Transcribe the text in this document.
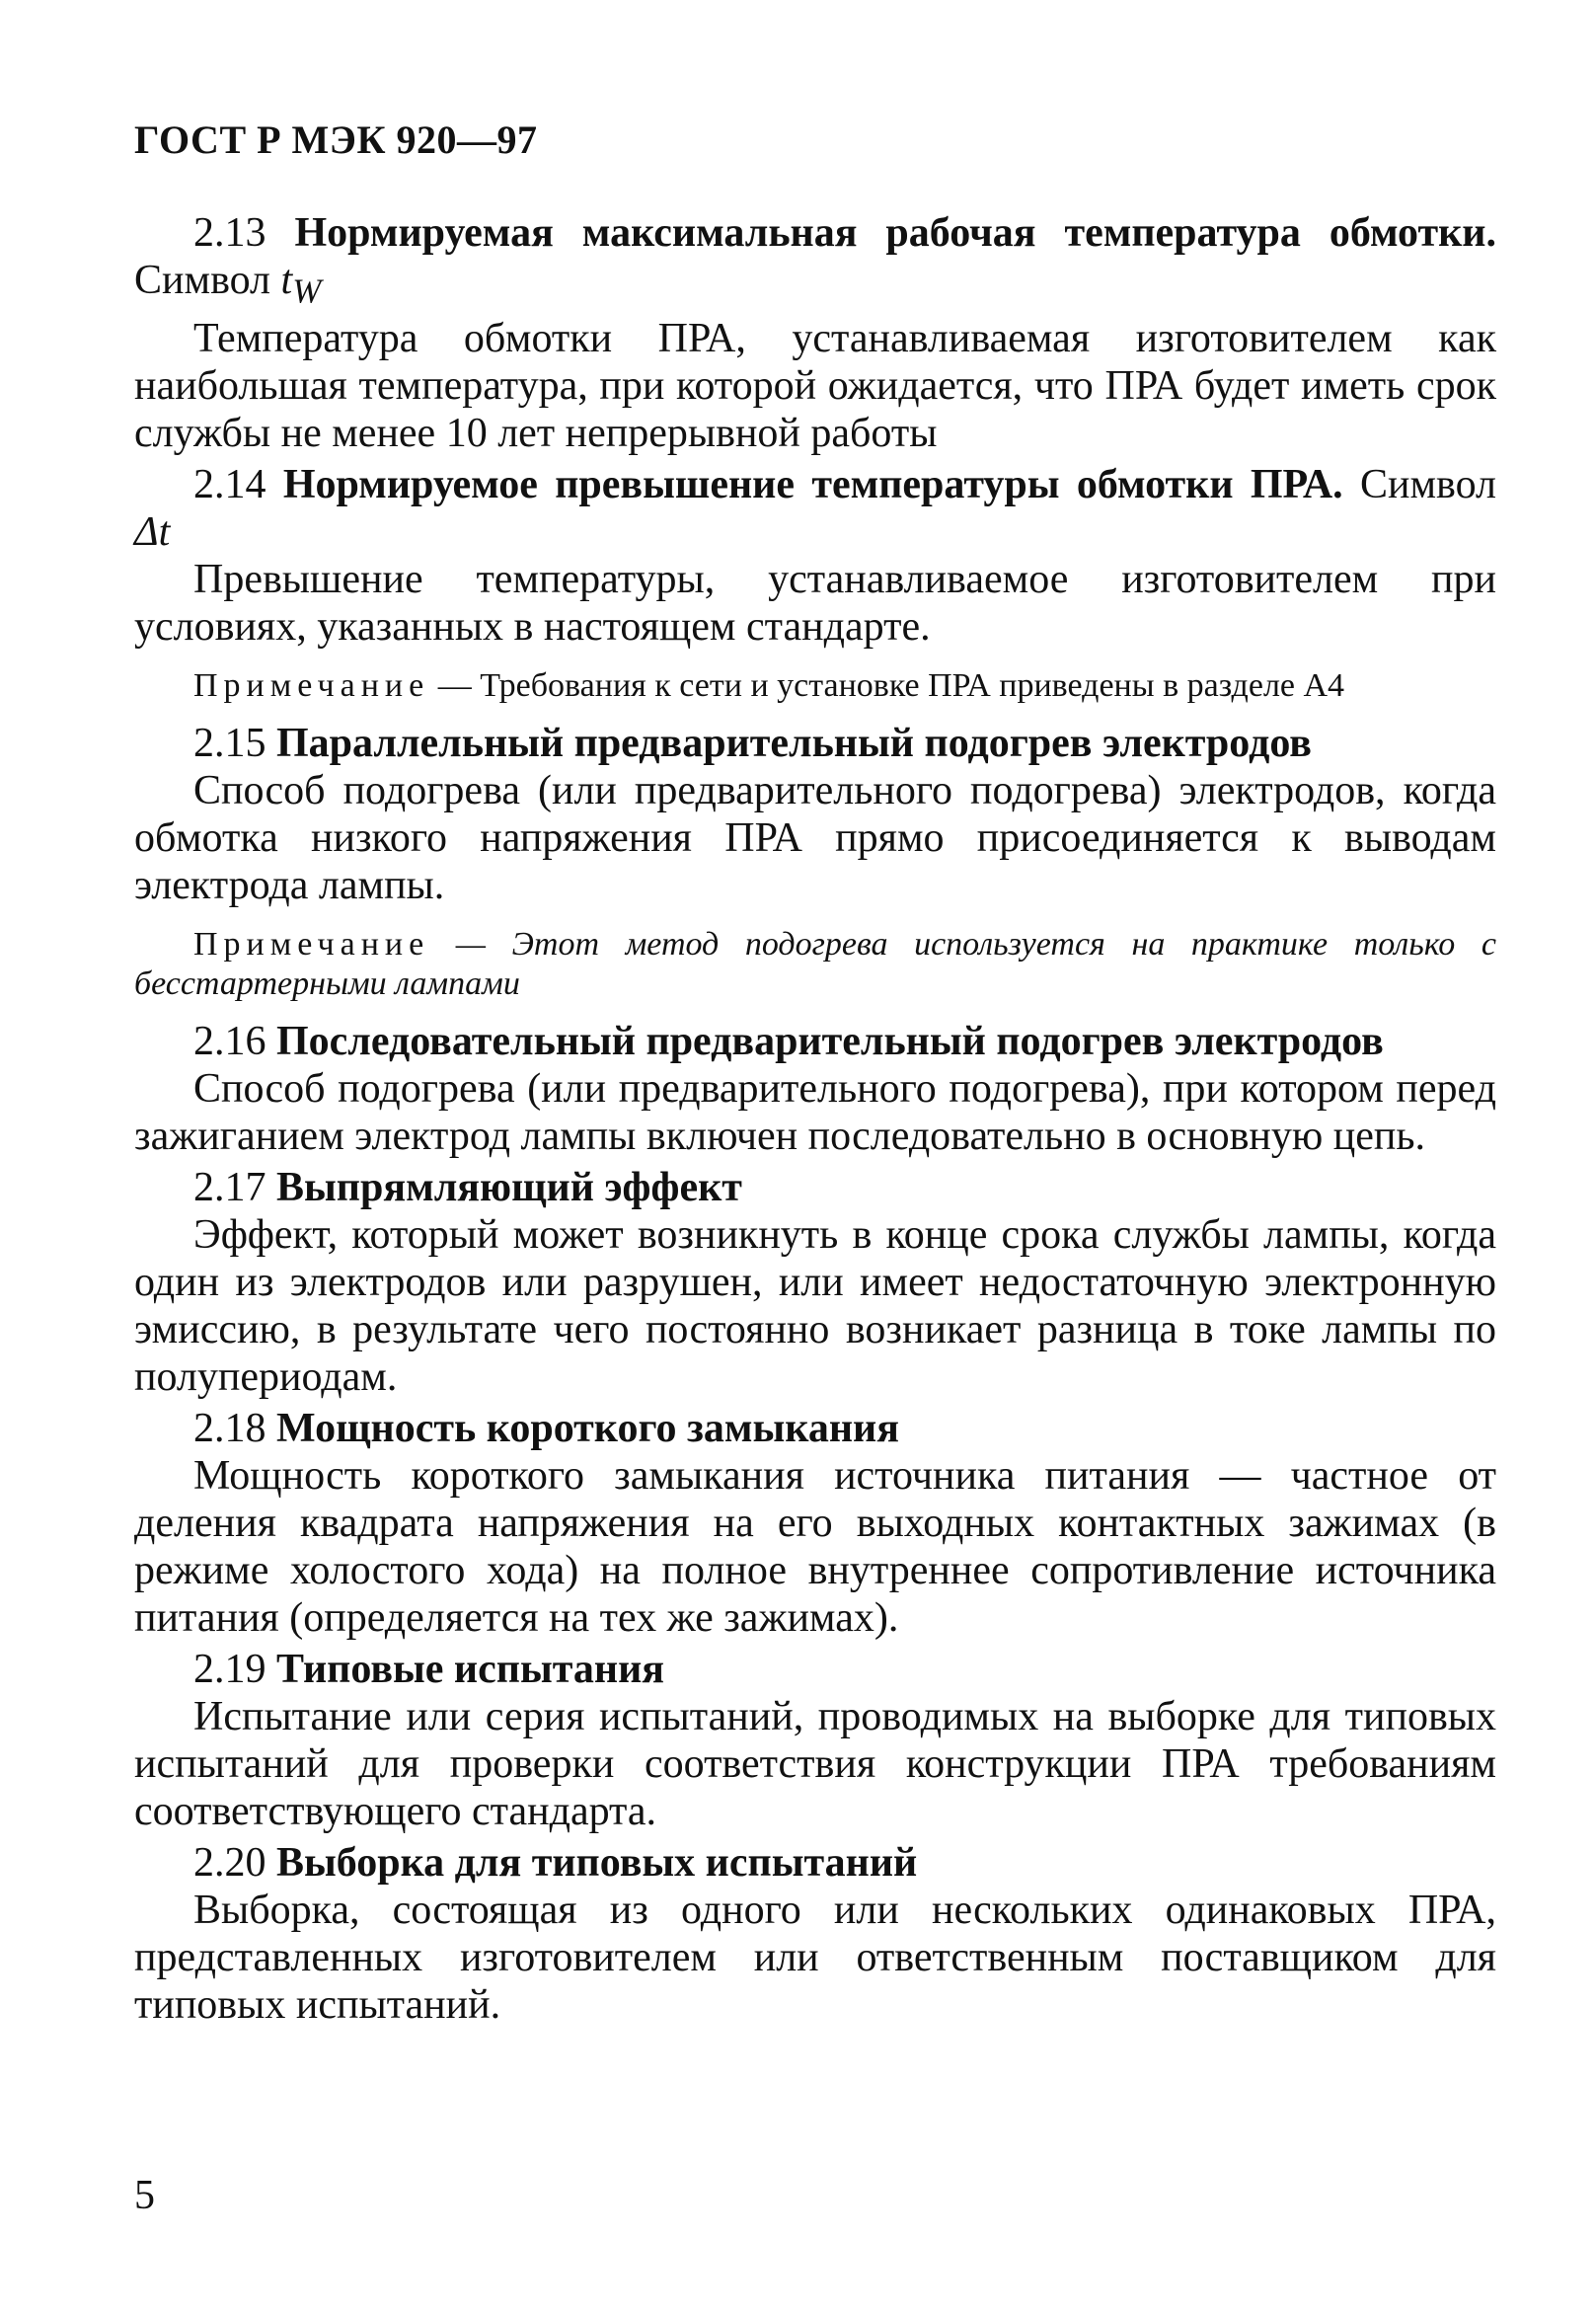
ГОСТ Р МЭК 920—97

2.13 Нормируемая максимальная рабочая температура обмотки. Символ $t_W$

Температура обмотки ПРА, устанавливаемая изготовителем как наибольшая температура, при которой ожидается, что ПРА будет иметь срок службы не менее 10 лет непрерывной работы

2.14 Нормируемое превышение температуры обмотки ПРА. Символ Δt

Превышение температуры, устанавливаемое изготовителем при условиях, указанных в настоящем стандарте.

Примечание — Требования к сети и установке ПРА приведены в разделе А4

2.15 Параллельный предварительный подогрев электродов

Способ подогрева (или предварительного подогрева) электродов, когда обмотка низкого напряжения ПРА прямо присоединяется к выводам электрода лампы.

Примечание — Этот метод подогрева используется на практике только с бесстартерными лампами

2.16 Последовательный предварительный подогрев электродов

Способ подогрева (или предварительного подогрева), при котором перед зажиганием электрод лампы включен последовательно в основную цепь.

2.17 Выпрямляющий эффект

Эффект, который может возникнуть в конце срока службы лампы, когда один из электродов или разрушен, или имеет недостаточную электронную эмиссию, в результате чего постоянно возникает разница в токе лампы по полупериодам.

2.18 Мощность короткого замыкания

Мощность короткого замыкания источника питания — частное от деления квадрата напряжения на его выходных контактных зажимах (в режиме холостого хода) на полное внутреннее сопротивление источника питания (определяется на тех же зажимах).

2.19 Типовые испытания

Испытание или серия испытаний, проводимых на выборке для типовых испытаний для проверки соответствия конструкции ПРА требованиям соответствующего стандарта.

2.20 Выборка для типовых испытаний

Выборка, состоящая из одного или нескольких одинаковых ПРА, представленных изготовителем или ответственным поставщиком для типовых испытаний.

5
